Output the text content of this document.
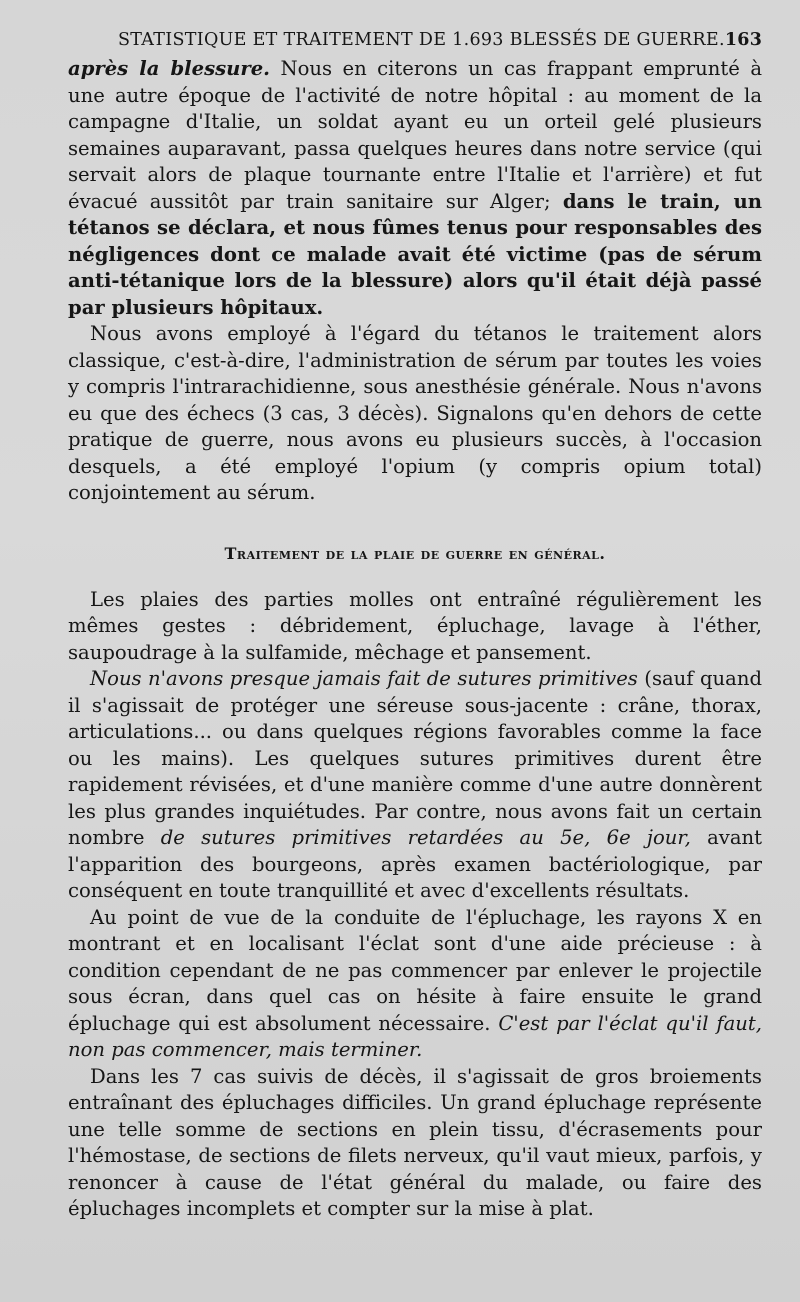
STATISTIQUE ET TRAITEMENT DE 1.693 BLESSÉS DE GUERRE. 163

après la blessure. Nous en citerons un cas frappant emprunté à une autre époque de l'activité de notre hôpital : au moment de la campagne d'Italie, un soldat ayant eu un orteil gelé plusieurs semaines auparavant, passa quelques heures dans notre service (qui servait alors de plaque tournante entre l'Italie et l'arrière) et fut évacué aussitôt par train sanitaire sur Alger; dans le train, un tétanos se déclara, et nous fûmes tenus pour responsables des négligences dont ce malade avait été victime (pas de sérum anti-tétanique lors de la blessure) alors qu'il était déjà passé par plusieurs hôpitaux.

Nous avons employé à l'égard du tétanos le traitement alors classique, c'est-à-dire, l'administration de sérum par toutes les voies y compris l'intrarachidienne, sous anesthésie générale. Nous n'avons eu que des échecs (3 cas, 3 décès). Signalons qu'en dehors de cette pratique de guerre, nous avons eu plusieurs succès, à l'occasion desquels, a été employé l'opium (y compris opium total) conjointement au sérum.

Traitement de la plaie de guerre en général.

Les plaies des parties molles ont entraîné régulièrement les mêmes gestes : débridement, épluchage, lavage à l'éther, saupoudrage à la sulfamide, mêchage et pansement.

Nous n'avons presque jamais fait de sutures primitives (sauf quand il s'agissait de protéger une séreuse sous-jacente : crâne, thorax, articulations... ou dans quelques régions favorables comme la face ou les mains). Les quelques sutures primitives durent être rapidement révisées, et d'une manière comme d'une autre donnèrent les plus grandes inquiétudes. Par contre, nous avons fait un certain nombre de sutures primitives retardées au 5e, 6e jour, avant l'apparition des bourgeons, après examen bactériologique, par conséquent en toute tranquillité et avec d'excellents résultats.

Au point de vue de la conduite de l'épluchage, les rayons X en montrant et en localisant l'éclat sont d'une aide précieuse : à condition cependant de ne pas commencer par enlever le projectile sous écran, dans quel cas on hésite à faire ensuite le grand épluchage qui est absolument nécessaire. C'est par l'éclat qu'il faut, non pas commencer, mais terminer.

Dans les 7 cas suivis de décès, il s'agissait de gros broiements entraînant des épluchages difficiles. Un grand épluchage représente une telle somme de sections en plein tissu, d'écrasements pour l'hémostase, de sections de filets nerveux, qu'il vaut mieux, parfois, y renoncer à cause de l'état général du malade, ou faire des épluchages incomplets et compter sur la mise à plat.
